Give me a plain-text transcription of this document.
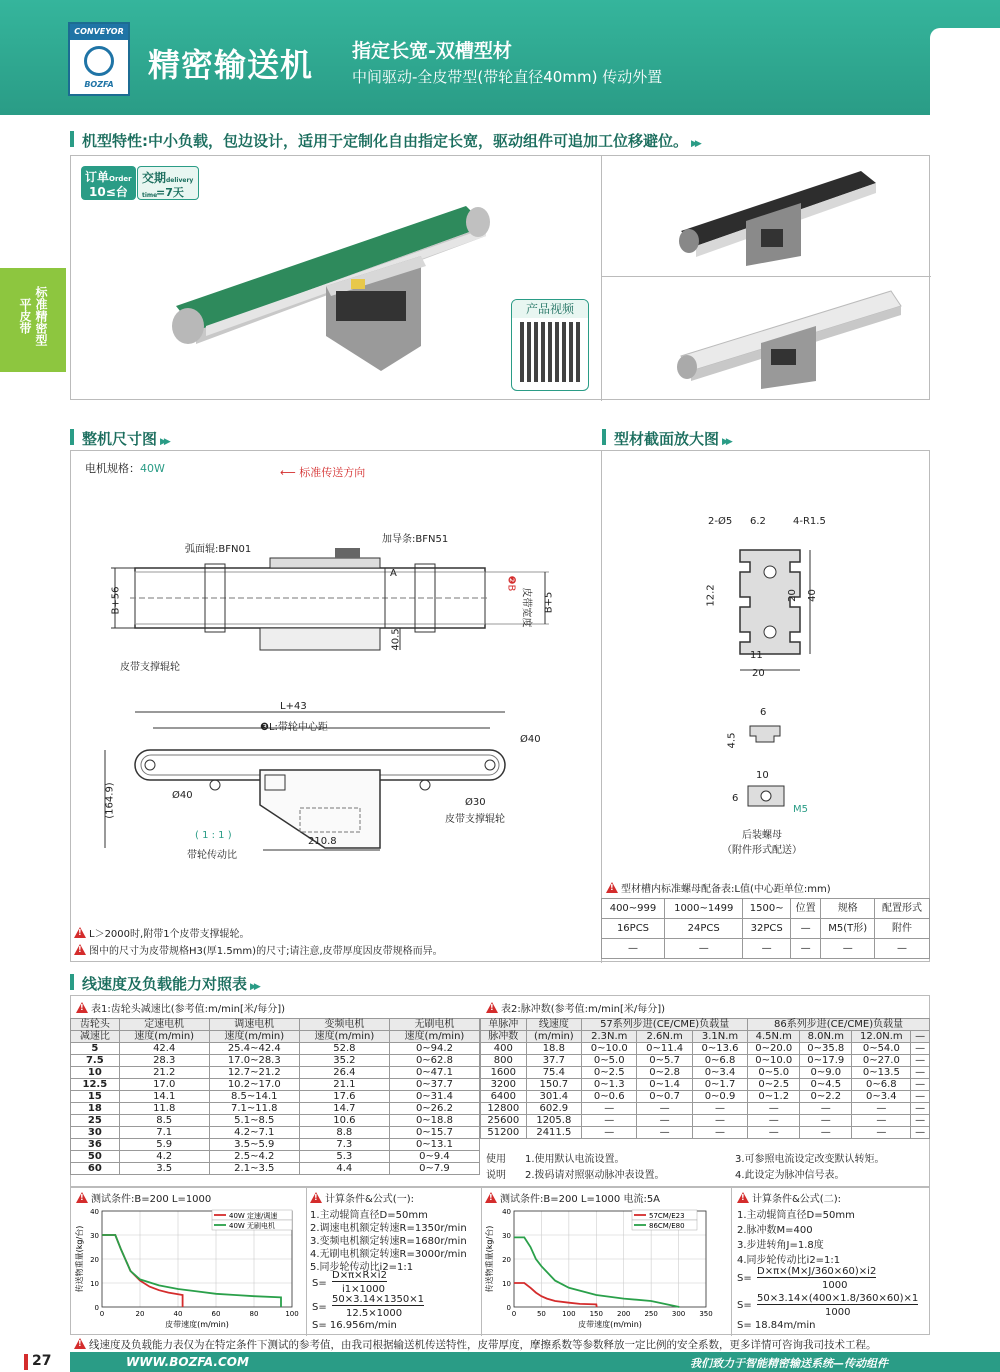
CONVEYOR
BOZFA
精密输送机 指定长宽-双槽型材
中间驱动-全皮带型(带轮直径40mm) 传动外置
标准精密型
平皮带
机型特性:中小负载，包边设计，适用于定制化自由指定长宽，驱动组件可追加工位移避位。 ▶▶
订单Order
10≤台
交期delivery time
=7天
产品视频
整机尺寸图 ▶▶	型材截面放大图 ▶▶
电机规格：40W	⟵ 标准传送方向
弧面辊:BFN01
加导条:BFN51
B+56	B+5
❷B
皮带宽度
A
40.5
皮带支撑辊轮
L+43
❸L:带轮中心距
Ø40
Ø40
Ø30
皮带支撑辊轮
(164.9)
( 1 : 1 )
带轮传动比
210.8
!L＞2000时,附带1个皮带支撑辊轮。
!图中的尺寸为皮带规格H3(厚1.5mm)的尺寸;请注意,皮带厚度因皮带规格而异。
2-Ø5 6.2	4-R1.5
12.2	20 40
11
20
6
4.5
10
6
M5
后装螺母
（附件形式配送）
!型材槽内标准螺母配备表:L值(中心距单位:mm)
400~999	1000~1499	1500~	位置	规格	配置形式
16PCS	24PCS	32PCS	—	M5(T形)	附件
—	—	—	—	—	—
线速度及负载能力对照表 ▶▶
!表1:齿轮头减速比(参考值:m/min[米/每分]) !	表2:脉冲数(参考值:m/min[米/每分])
齿轮头	定速电机	调速电机	变频电机	无刷电机
减速比	速度(m/min)	速度(m/min)	速度(m/min)	速度(m/min)
5	42.4	25.4~42.4	52.8	0~94.2
7.5	28.3	17.0~28.3	35.2	0~62.8
10	21.2	12.7~21.2	26.4	0~47.1
12.5	17.0	10.2~17.0	21.1	0~37.7
15	14.1	8.5~14.1	17.6	0~31.4
18	11.8	7.1~11.8	14.7	0~26.2
25	8.5	5.1~8.5	10.6	0~18.8
30	7.1	4.2~7.1	8.8	0~15.7
36	5.9	3.5~5.9	7.3	0~13.1
50	4.2	2.5~4.2	5.3	0~9.4
60	3.5	2.1~3.5	4.4	0~7.9
单脉冲	线速度	57系列步进(CE/CME)负载量			86系列步进(CE/CME)负载量			
脉冲数	(m/min)	2.3N.m	2.6N.m	3.1N.m	4.5N.m	8.0N.m	12.0N.m	—
400	18.8	0~10.0	0~11.4	0~13.6	0~20.0	0~35.8	0~54.0	—
800	37.7	0~5.0	0~5.7	0~6.8	0~10.0	0~17.9	0~27.0	—
1600	75.4	0~2.5	0~2.8	0~3.4	0~5.0	0~9.0	0~13.5	—
3200	150.7	0~1.3	0~1.4	0~1.7	0~2.5	0~4.5	0~6.8	—
6400	301.4	0~0.6	0~0.7	0~0.9	0~1.2	0~2.2	0~3.4	—
12800	602.9	—	—	—	—	—	—	—
25600	1205.8	—	—	—	—	—	—	—
51200	2411.5	—	—	—	—	—	—	—
使用 1.使用默认电流设置。	3.可参照电流设定改变默认转矩。
说明 2.拨码请对照驱动脉冲表设置。	4.此设定为脉冲信号表。
!测试条件:B=200 L=1000
0
10
20
30
40
0	20	40	60	80	100
40W 定速/调速
40W 无刷电机
传送物重量(kg/台)
皮带速度(m/min)
!计算条件&公式(一):
1.主动辊筒直径D=50mm
2.调速电机额定转速R=1350r/min
3.变频电机额定转速R=1680r/min
4.无刷电机额定转速R=3000r/min
5.同步轮传动比i2=1:1
S=
D×π×R×i2
i1×1000
S=
50×3.14×1350×1
12.5×1000
S= 16.956m/min
!测试条件:B=200 L=1000 电流:5A
0
10
20
30
40
0	50 100 150 200 250 300 350
57CM/E23
86CM/E80
传送物重量(kg/台)
皮带速度(m/min)
!计算条件&公式(二):
1.主动辊筒直径D=50mm
2.脉冲数M=400
3.步进转角J=1.8度
4.同步轮传动比i2=1:1
S=
D×π×(M×J/360×60)×i2
1000
S=
50×3.14×(400×1.8/360×60)×1
1000
S= 18.84m/min
!线速度及负载能力表仅为在特定条件下测试的参考值，由我司根据输送机传送特性，皮带厚度，摩擦系数等参数释放一定比例的安全系数，更多详情可咨询我司技术工程。
27	WWW.BOZFA.COM	我们致力于智能精密输送系统—传动组件
